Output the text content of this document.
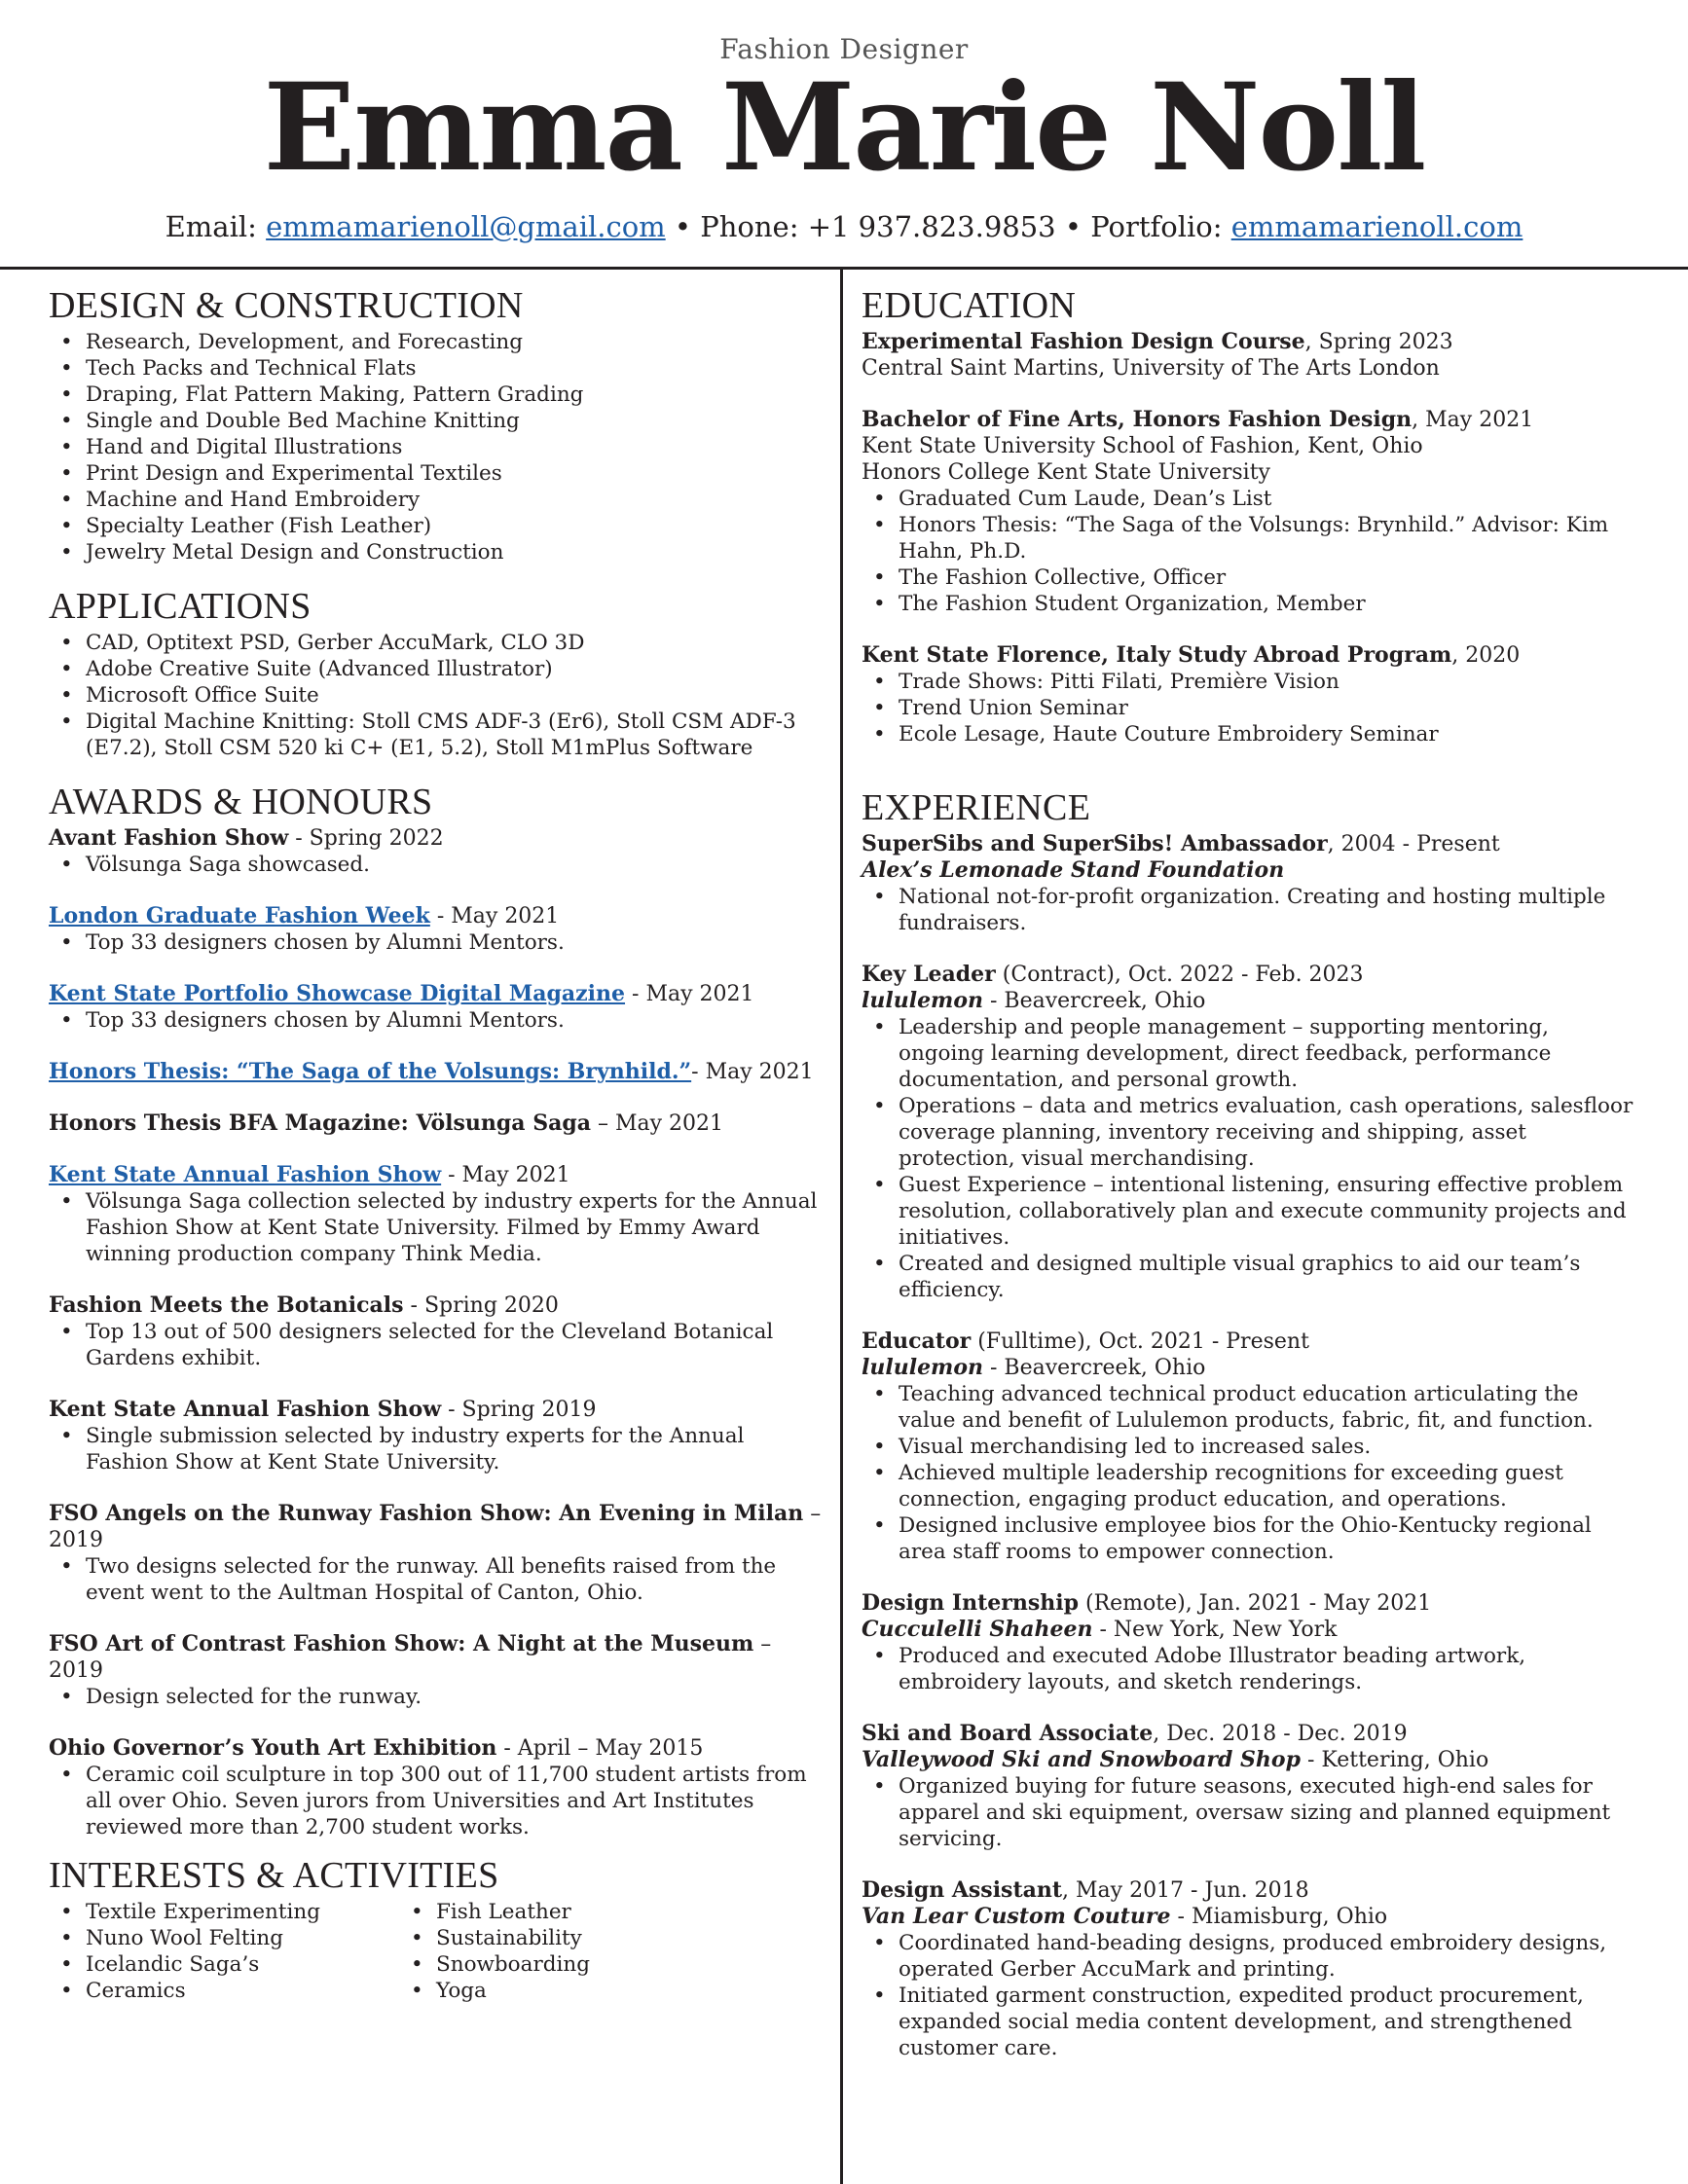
Fashion Designer
Emma Marie Noll
Email: emmamarienoll@gmail.com • Phone: +1 937.823.9853 • Portfolio: emmamarienoll.com
DESIGN & CONSTRUCTION
• Research, Development, and Forecasting
• Tech Packs and Technical Flats
• Draping, Flat Pattern Making, Pattern Grading
• Single and Double Bed Machine Knitting
• Hand and Digital Illustrations
• Print Design and Experimental Textiles
• Machine and Hand Embroidery
• Specialty Leather (Fish Leather)
• Jewelry Metal Design and Construction
APPLICATIONS
• CAD, Optitext PSD, Gerber AccuMark, CLO 3D
• Adobe Creative Suite (Advanced Illustrator)
• Microsoft Office Suite
• Digital Machine Knitting: Stoll CMS ADF-3 (Er6), Stoll CSM ADF-3 (E7.2), Stoll CSM 520 ki C+ (E1, 5.2), Stoll M1mPlus Software
AWARDS & HONOURS
Avant Fashion Show - Spring 2022
• Völsunga Saga showcased.
London Graduate Fashion Week - May 2021
• Top 33 designers chosen by Alumni Mentors.
Kent State Portfolio Showcase Digital Magazine - May 2021
• Top 33 designers chosen by Alumni Mentors.
Honors Thesis: “The Saga of the Volsungs: Brynhild.”- May 2021
Honors Thesis BFA Magazine: Völsunga Saga – May 2021
Kent State Annual Fashion Show - May 2021
• Völsunga Saga collection selected by industry experts for the Annual Fashion Show at Kent State University. Filmed by Emmy Award winning production company Think Media.
Fashion Meets the Botanicals - Spring 2020
• Top 13 out of 500 designers selected for the Cleveland Botanical Gardens exhibit.
Kent State Annual Fashion Show - Spring 2019
• Single submission selected by industry experts for the Annual Fashion Show at Kent State University.
FSO Angels on the Runway Fashion Show: An Evening in Milan – 2019
• Two designs selected for the runway. All benefits raised from the event went to the Aultman Hospital of Canton, Ohio.
FSO Art of Contrast Fashion Show: A Night at the Museum – 2019
• Design selected for the runway.
Ohio Governor’s Youth Art Exhibition - April – May 2015
• Ceramic coil sculpture in top 300 out of 11,700 student artists from all over Ohio. Seven jurors from Universities and Art Institutes reviewed more than 2,700 student works.
INTERESTS & ACTIVITIES
• Textile Experimenting
• Nuno Wool Felting
• Icelandic Saga’s
• Ceramics
• Fish Leather
• Sustainability
• Snowboarding
• Yoga
EDUCATION
Experimental Fashion Design Course, Spring 2023
Central Saint Martins, University of The Arts London
Bachelor of Fine Arts, Honors Fashion Design, May 2021
Kent State University School of Fashion, Kent, Ohio
Honors College Kent State University
• Graduated Cum Laude, Dean’s List
• Honors Thesis: “The Saga of the Volsungs: Brynhild.” Advisor: Kim Hahn, Ph.D.
• The Fashion Collective, Officer
• The Fashion Student Organization, Member
Kent State Florence, Italy Study Abroad Program, 2020
• Trade Shows: Pitti Filati, Première Vision
• Trend Union Seminar
• Ecole Lesage, Haute Couture Embroidery Seminar
EXPERIENCE
SuperSibs and SuperSibs! Ambassador, 2004 - Present
Alex’s Lemonade Stand Foundation
• National not-for-profit organization. Creating and hosting multiple fundraisers.
Key Leader (Contract), Oct. 2022 - Feb. 2023
lululemon - Beavercreek, Ohio
• Leadership and people management – supporting mentoring, ongoing learning development, direct feedback, performance documentation, and personal growth.
• Operations – data and metrics evaluation, cash operations, salesfloor coverage planning, inventory receiving and shipping, asset protection, visual merchandising.
• Guest Experience – intentional listening, ensuring effective problem resolution, collaboratively plan and execute community projects and initiatives.
• Created and designed multiple visual graphics to aid our team’s efficiency.
Educator (Fulltime), Oct. 2021 - Present
lululemon - Beavercreek, Ohio
• Teaching advanced technical product education articulating the value and benefit of Lululemon products, fabric, fit, and function.
• Visual merchandising led to increased sales.
• Achieved multiple leadership recognitions for exceeding guest connection, engaging product education, and operations.
• Designed inclusive employee bios for the Ohio-Kentucky regional area staff rooms to empower connection.
Design Internship (Remote), Jan. 2021 - May 2021
Cucculelli Shaheen - New York, New York
• Produced and executed Adobe Illustrator beading artwork, embroidery layouts, and sketch renderings.
Ski and Board Associate, Dec. 2018 - Dec. 2019
Valleywood Ski and Snowboard Shop - Kettering, Ohio
• Organized buying for future seasons, executed high-end sales for apparel and ski equipment, oversaw sizing and planned equipment servicing.
Design Assistant, May 2017 - Jun. 2018
Van Lear Custom Couture - Miamisburg, Ohio
• Coordinated hand-beading designs, produced embroidery designs, operated Gerber AccuMark and printing.
• Initiated garment construction, expedited product procurement, expanded social media content development, and strengthened customer care.
